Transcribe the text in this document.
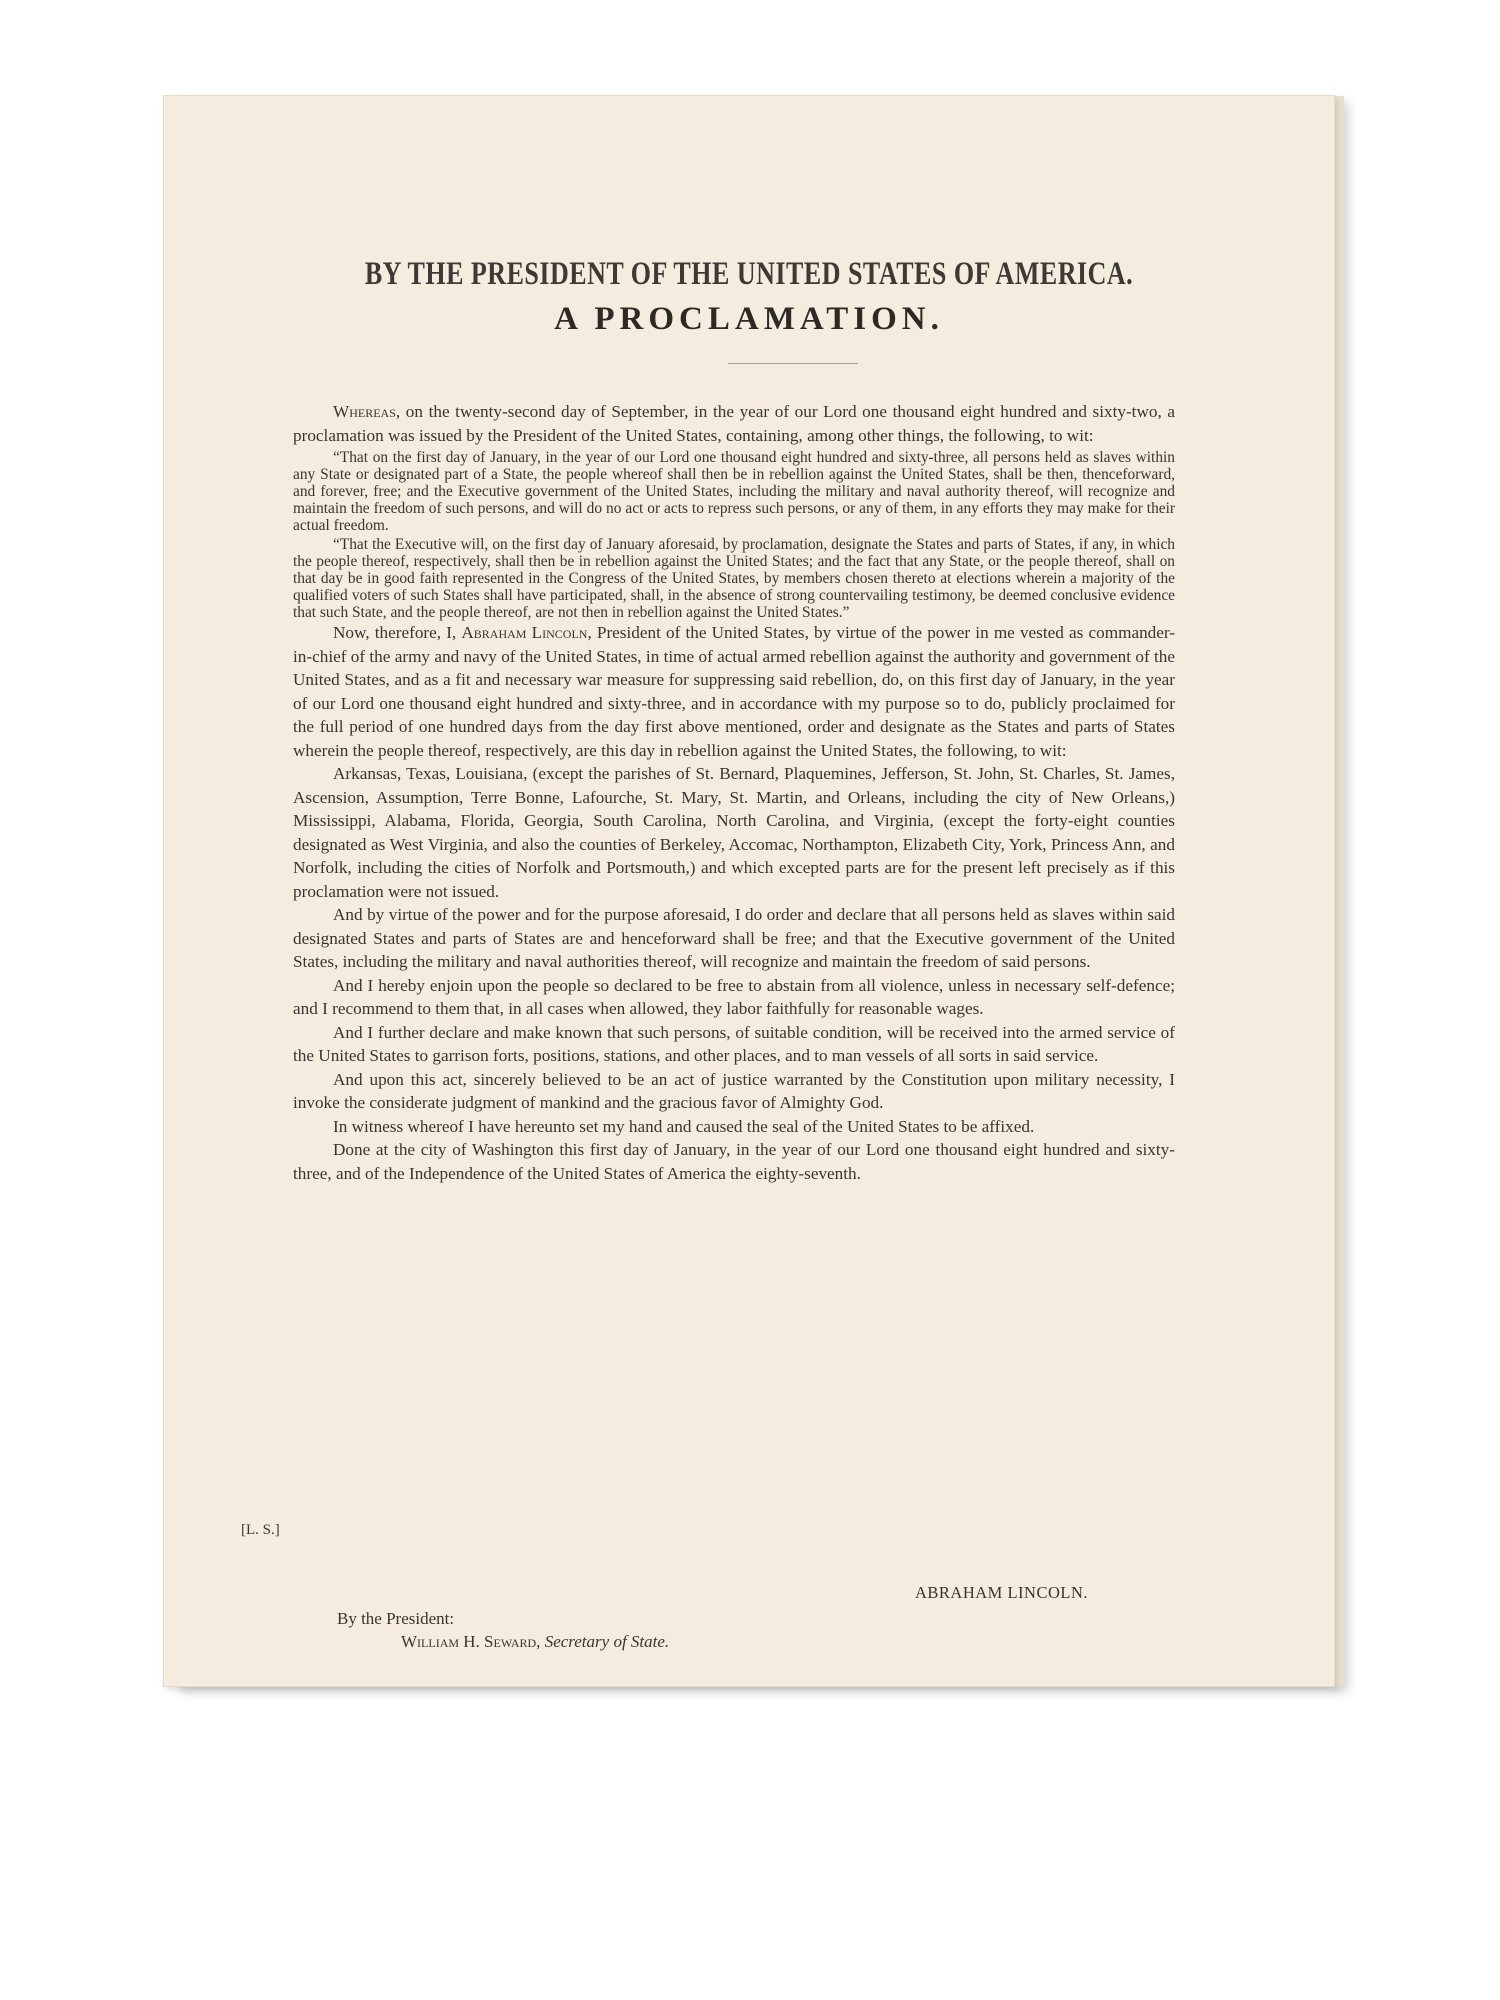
BY THE PRESIDENT OF THE UNITED STATES OF AMERICA.
A PROCLAMATION.

Whereas, on the twenty-second day of September, in the year of our Lord one thousand eight hundred and sixty-two, a proclamation was issued by the President of the United States, containing, among other things, the following, to wit:

“That on the first day of January, in the year of our Lord one thousand eight hundred and sixty-three, all persons held as slaves within any State or designated part of a State, the people whereof shall then be in rebellion against the United States, shall be then, thenceforward, and forever, free; and the Executive government of the United States, including the military and naval authority thereof, will recognize and maintain the freedom of such persons, and will do no act or acts to repress such persons, or any of them, in any efforts they may make for their actual freedom.

“That the Executive will, on the first day of January aforesaid, by proclamation, designate the States and parts of States, if any, in which the people thereof, respectively, shall then be in rebellion against the United States; and the fact that any State, or the people thereof, shall on that day be in good faith represented in the Congress of the United States, by members chosen thereto at elections wherein a majority of the qualified voters of such States shall have participated, shall, in the absence of strong countervailing testimony, be deemed conclusive evidence that such State, and the people thereof, are not then in rebellion against the United States.”

Now, therefore, I, Abraham Lincoln, President of the United States, by virtue of the power in me vested as commander-in-chief of the army and navy of the United States, in time of actual armed rebellion against the authority and government of the United States, and as a fit and necessary war measure for suppressing said rebellion, do, on this first day of January, in the year of our Lord one thousand eight hundred and sixty-three, and in accordance with my purpose so to do, publicly proclaimed for the full period of one hundred days from the day first above mentioned, order and designate as the States and parts of States wherein the people thereof, respectively, are this day in rebellion against the United States, the following, to wit:

Arkansas, Texas, Louisiana, (except the parishes of St. Bernard, Plaquemines, Jefferson, St. John, St. Charles, St. James, Ascension, Assumption, Terre Bonne, Lafourche, St. Mary, St. Martin, and Orleans, including the city of New Orleans,) Mississippi, Alabama, Florida, Georgia, South Carolina, North Carolina, and Virginia, (except the forty-eight counties designated as West Virginia, and also the counties of Berkeley, Accomac, Northampton, Elizabeth City, York, Princess Ann, and Norfolk, including the cities of Norfolk and Portsmouth,) and which excepted parts are for the present left precisely as if this proclamation were not issued.

And by virtue of the power and for the purpose aforesaid, I do order and declare that all persons held as slaves within said designated States and parts of States are and henceforward shall be free; and that the Executive government of the United States, including the military and naval authorities thereof, will recognize and maintain the freedom of said persons.

And I hereby enjoin upon the people so declared to be free to abstain from all violence, unless in necessary self-defence; and I recommend to them that, in all cases when allowed, they labor faithfully for reasonable wages.

And I further declare and make known that such persons, of suitable condition, will be received into the armed service of the United States to garrison forts, positions, stations, and other places, and to man vessels of all sorts in said service.

And upon this act, sincerely believed to be an act of justice warranted by the Constitution upon military necessity, I invoke the considerate judgment of mankind and the gracious favor of Almighty God.

In witness whereof I have hereunto set my hand and caused the seal of the United States to be affixed.

Done at the city of Washington this first day of January, in the year of our Lord one thousand eight hundred and sixty-three, and of the Independence of the United States of America the eighty-seventh.

[L. S.]
ABRAHAM LINCOLN.
By the President:
William H. Seward, Secretary of State.
